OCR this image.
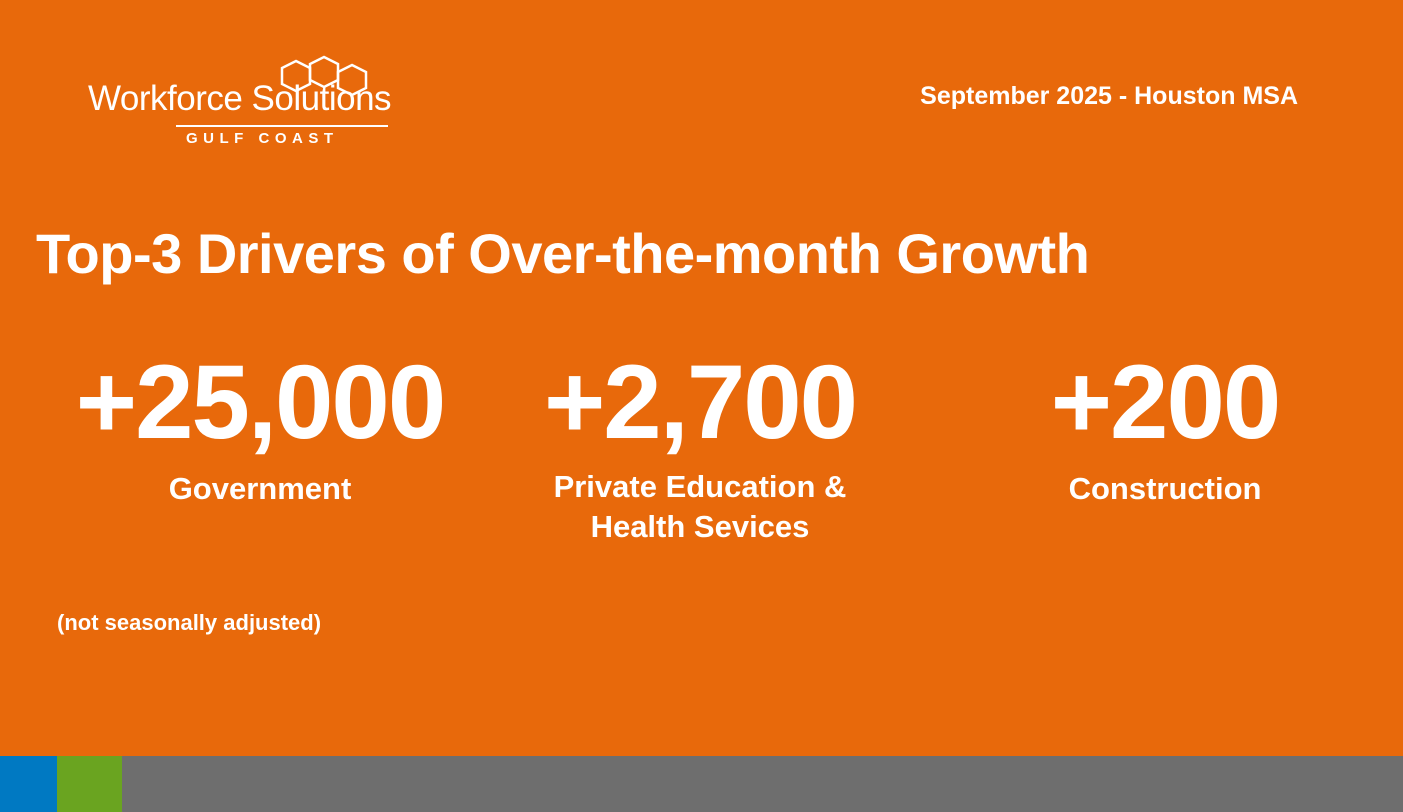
Workforce Solutions
GULF COAST
September 2025 - Houston MSA
Top-3 Drivers of Over-the-month Growth
+25,000
Government
+2,700
Private Education &
Health Sevices
+200
Construction
(not seasonally adjusted)
